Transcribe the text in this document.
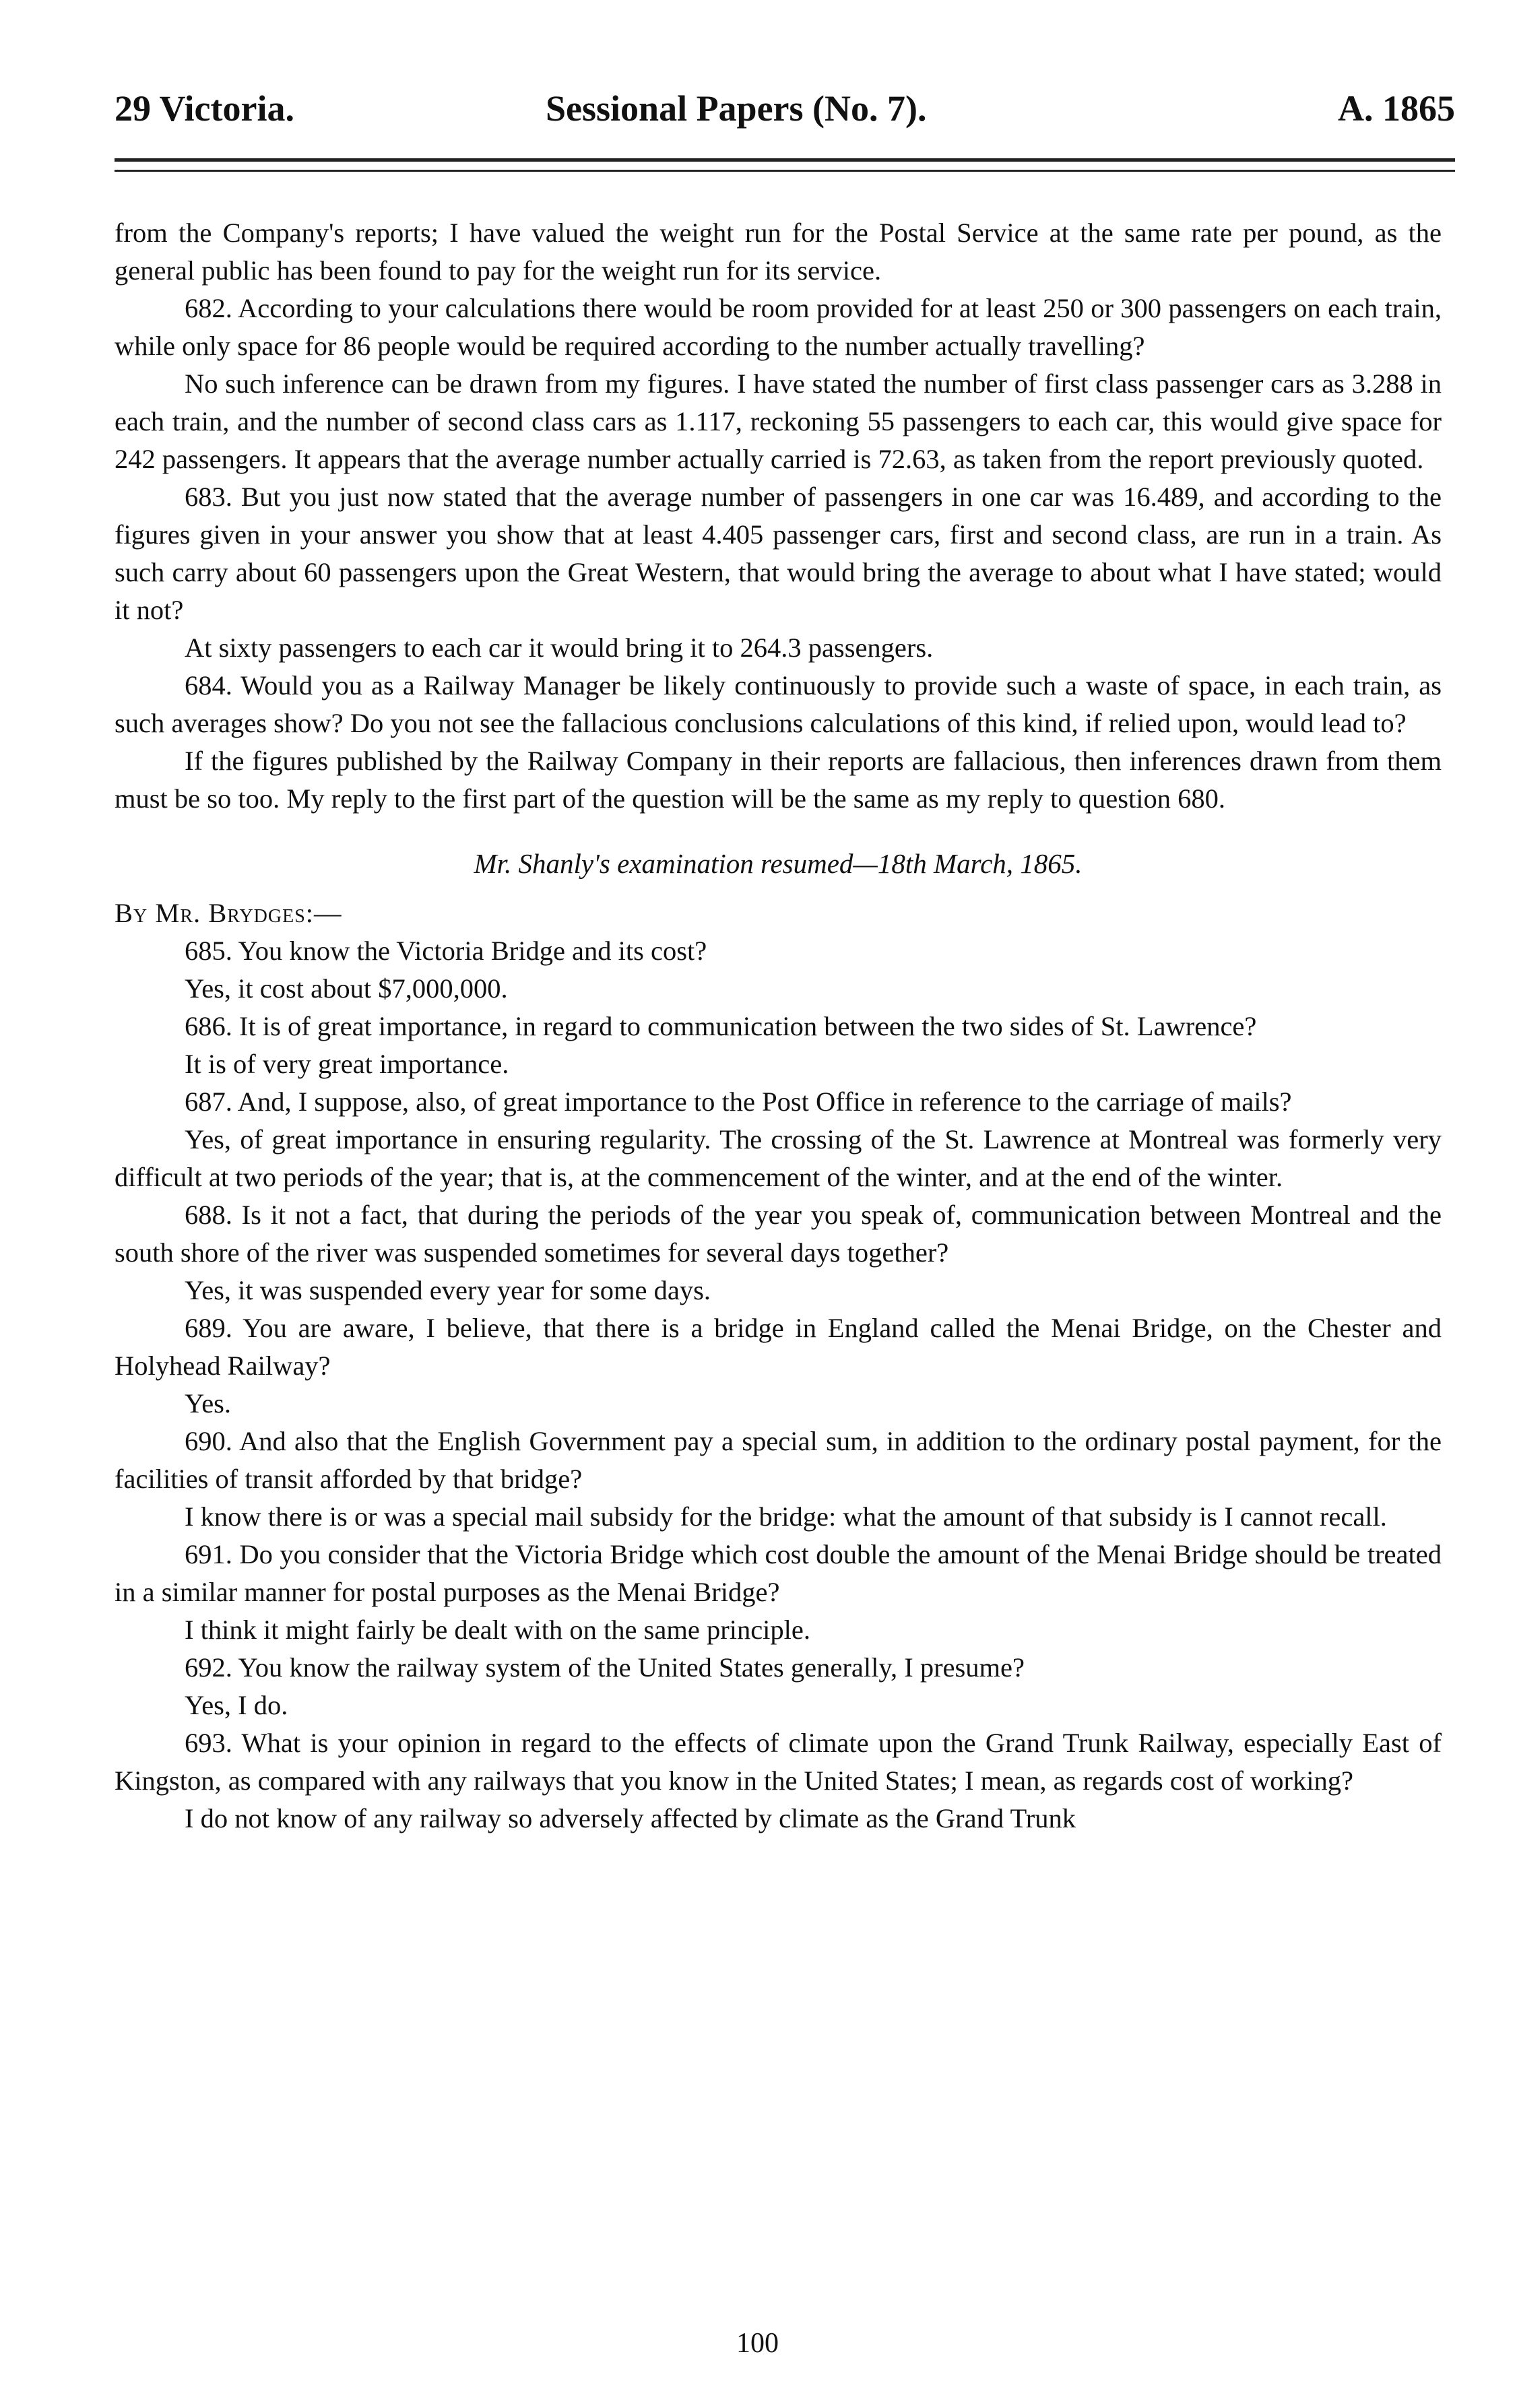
29 Victoria.	Sessional Papers (No. 7).	A. 1865

from the Company's reports; I have valued the weight run for the Postal Service at the same rate per pound, as the general public has been found to pay for the weight run for its service.

682. According to your calculations there would be room provided for at least 250 or 300 passengers on each train, while only space for 86 people would be required according to the number actually travelling?

No such inference can be drawn from my figures. I have stated the number of first class passenger cars as 3.288 in each train, and the number of second class cars as 1.117, reckoning 55 passengers to each car, this would give space for 242 passengers. It appears that the average number actually carried is 72.63, as taken from the report previously quoted.

683. But you just now stated that the average number of passengers in one car was 16.489, and according to the figures given in your answer you show that at least 4.405 passenger cars, first and second class, are run in a train. As such carry about 60 passengers upon the Great Western, that would bring the average to about what I have stated; would it not?

At sixty passengers to each car it would bring it to 264.3 passengers.

684. Would you as a Railway Manager be likely continuously to provide such a waste of space, in each train, as such averages show? Do you not see the fallacious conclusions calculations of this kind, if relied upon, would lead to?

If the figures published by the Railway Company in their reports are fallacious, then inferences drawn from them must be so too. My reply to the first part of the question will be the same as my reply to question 680.

Mr. Shanly's examination resumed—18th March, 1865.

By Mr. Brydges:—

685. You know the Victoria Bridge and its cost?

Yes, it cost about $7,000,000.

686. It is of great importance, in regard to communication between the two sides of St. Lawrence?

It is of very great importance.

687. And, I suppose, also, of great importance to the Post Office in reference to the carriage of mails?

Yes, of great importance in ensuring regularity. The crossing of the St. Lawrence at Montreal was formerly very difficult at two periods of the year; that is, at the commencement of the winter, and at the end of the winter.

688. Is it not a fact, that during the periods of the year you speak of, communication between Montreal and the south shore of the river was suspended sometimes for several days together?

Yes, it was suspended every year for some days.

689. You are aware, I believe, that there is a bridge in England called the Menai Bridge, on the Chester and Holyhead Railway?

Yes.

690. And also that the English Government pay a special sum, in addition to the ordinary postal payment, for the facilities of transit afforded by that bridge?

I know there is or was a special mail subsidy for the bridge: what the amount of that subsidy is I cannot recall.

691. Do you consider that the Victoria Bridge which cost double the amount of the Menai Bridge should be treated in a similar manner for postal purposes as the Menai Bridge?

I think it might fairly be dealt with on the same principle.

692. You know the railway system of the United States generally, I presume?

Yes, I do.

693. What is your opinion in regard to the effects of climate upon the Grand Trunk Railway, especially East of Kingston, as compared with any railways that you know in the United States; I mean, as regards cost of working?

I do not know of any railway so adversely affected by climate as the Grand Trunk

100
